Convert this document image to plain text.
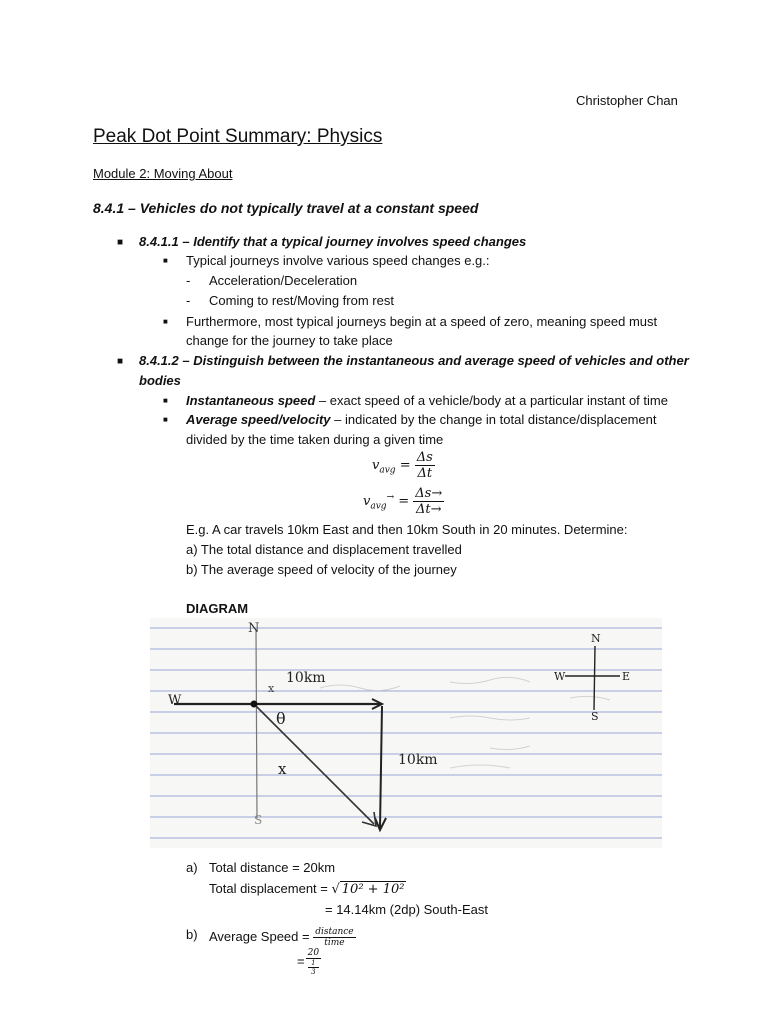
Christopher Chan
Peak Dot Point Summary: Physics
Module 2: Moving About
8.4.1 – Vehicles do not typically travel at a constant speed
■ 8.4.1.1 – Identify that a typical journey involves speed changes
■ Typical journeys involve various speed changes e.g.:
- Acceleration/Deceleration
- Coming to rest/Moving from rest
■ Furthermore, most typical journeys begin at a speed of zero, meaning speed must
change for the journey to take place
■ 8.4.1.2 – Distinguish between the instantaneous and average speed of vehicles and other
bodies
■ Instantaneous speed – exact speed of a vehicle/body at a particular instant of time
■ Average speed/velocity – indicated by the change in total distance/displacement
divided by the time taken during a given time
$v_{avg} = \frac{\Delta s}{\Delta t}$
$v_{avg}^\to = \frac{\Delta s\to}{\Delta t\to}$
E.g. A car travels 10km East and then 10km South in 20 minutes. Determine:
a) The total distance and displacement travelled
b) The average speed of velocity of the journey
DIAGRAM
N
S
W
x
10km
10km
θ
x
N
W	E
S
a) Total distance = 20km
Total displacement = √ 10² + 10²
= 14.14km (2dp) South-East
b) Average Speed = $\frac{\text{distance}}{\text{time}}$
= 20
1
3
